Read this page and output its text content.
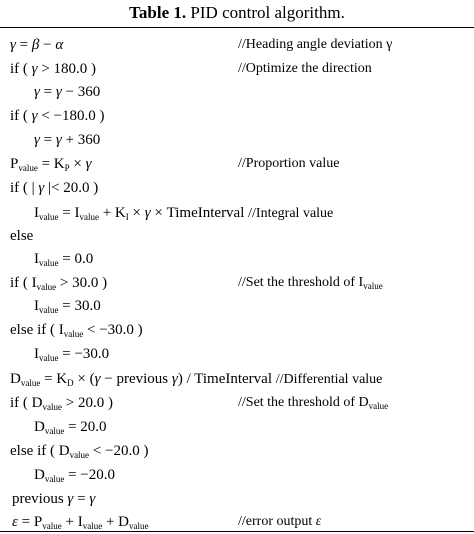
Table 1. PID control algorithm.
γ = β − α	//Heading angle deviation γ
if ( γ > 180.0 )	//Optimize the direction
γ = γ − 360
if ( γ < −180.0 )
γ = γ + 360
$P_{value} = K_P \times \gamma$	//Proportion value
if ( | γ |< 20.0 )
$I_{value} = I_{value} + K_I \times \gamma$ × TimeInterval //Integral value
else
$I_{value} = 0.0$
if ( $I_{value} > 30.0$ )	//Set the threshold of $I_{value}$
$I_{value} = 30.0$
else if ( $I_{value} < -30.0$ )
$I_{value} = -30.0$
$D_{value} = K_D \times (\gamma$ − previous γ) / TimeInterval //Differential value
if ( $D_{value} > 20.0$ )	//Set the threshold of $D_{value}$
$D_{value} = 20.0$
else if ( $D_{value} < -20.0$ )
$D_{value} = -20.0$
previous γ = γ
$\varepsilon = P_{value} + I_{value} + D_{value}$	//error output ε
